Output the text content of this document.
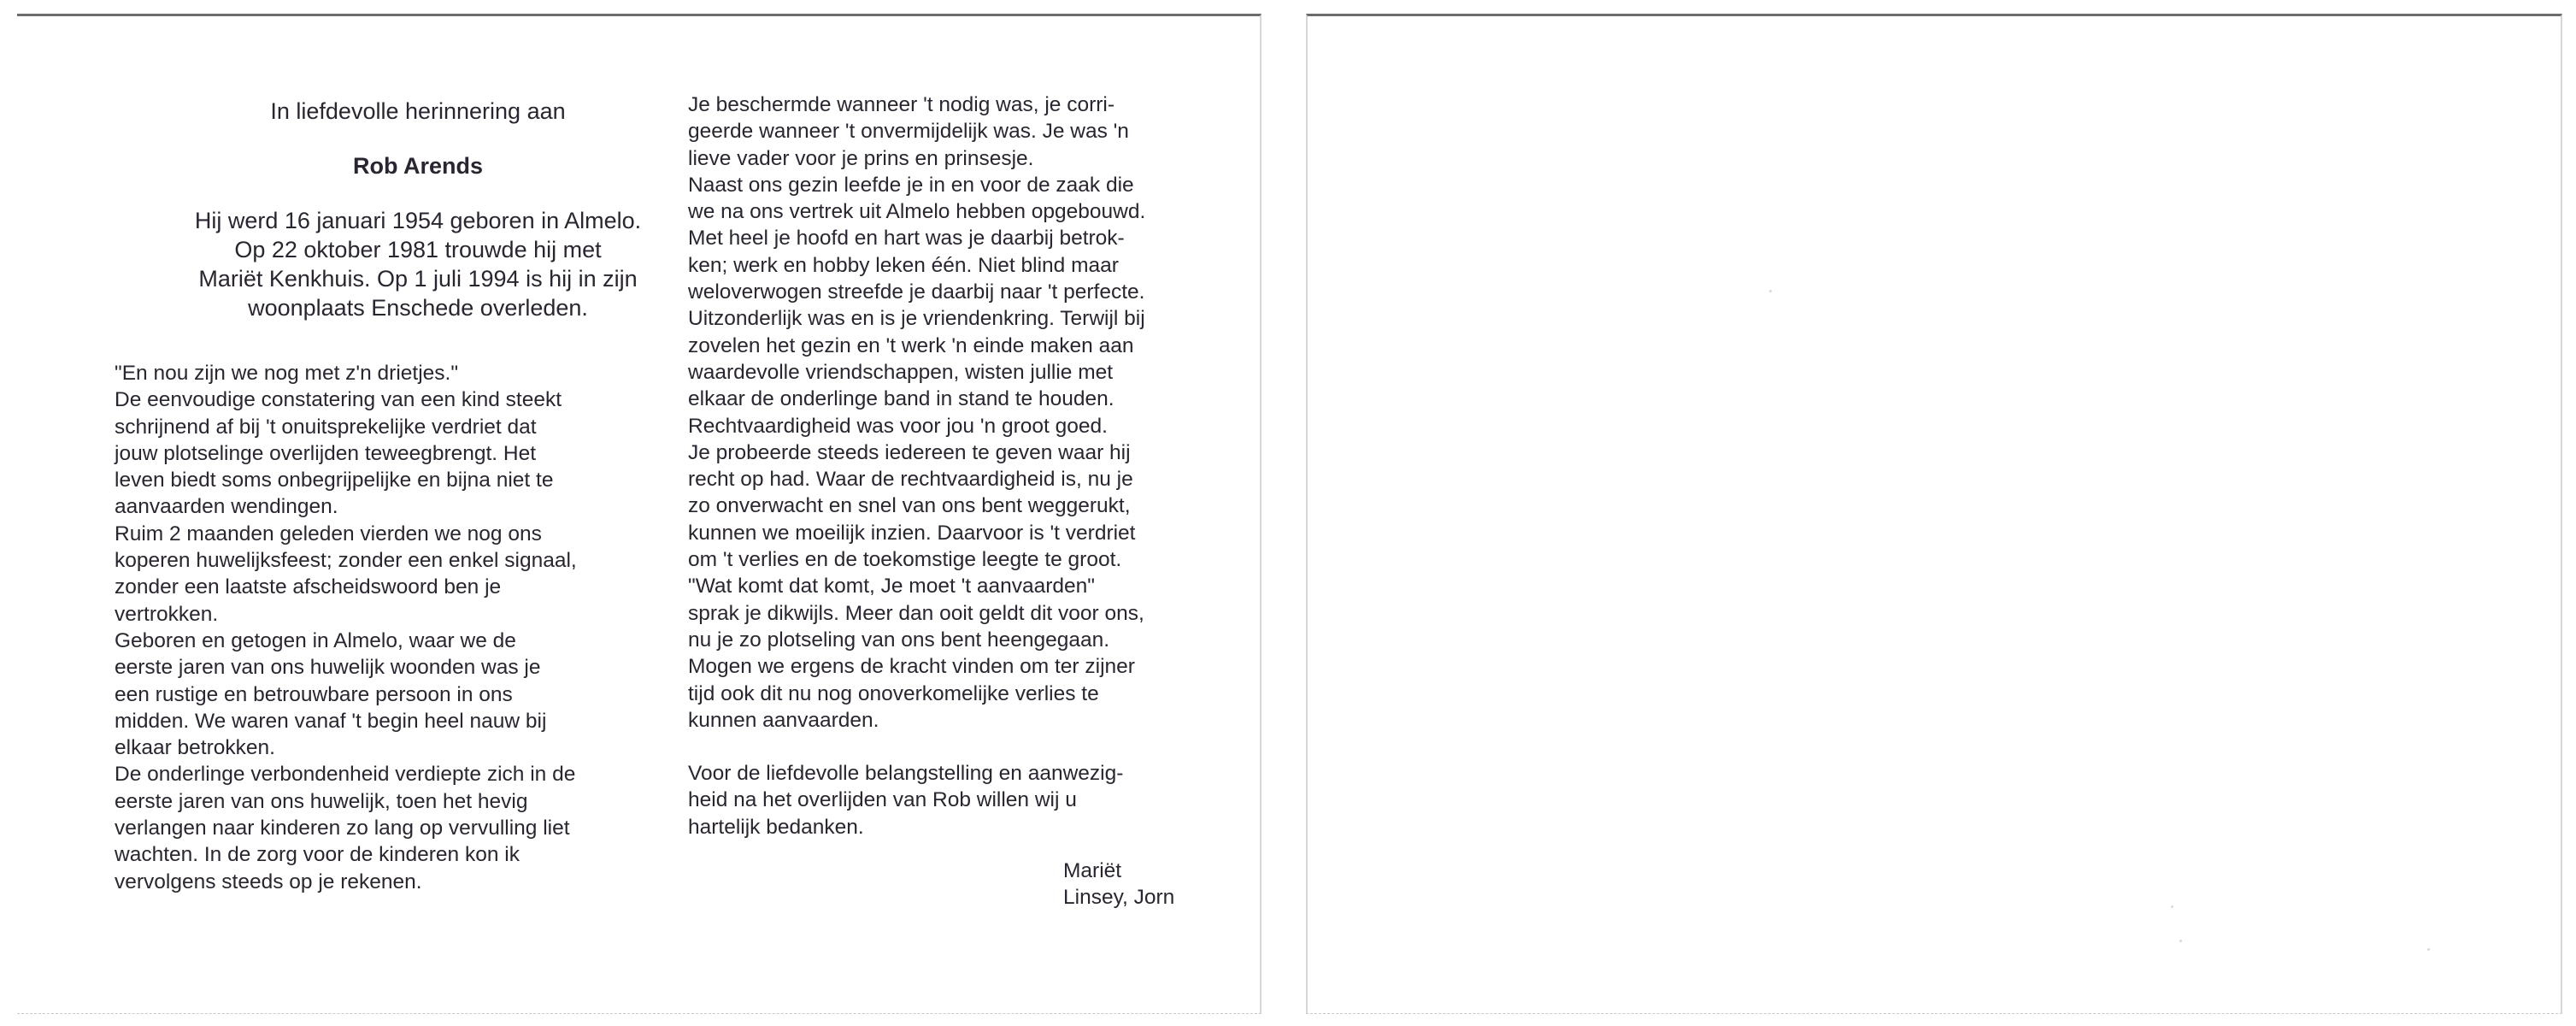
In liefdevolle herinnering aan

Rob Arends

Hij werd 16 januari 1954 geboren in Almelo.
Op 22 oktober 1981 trouwde hij met
Mariët Kenkhuis. Op 1 juli 1994 is hij in zijn
woonplaats Enschede overleden.

"En nou zijn we nog met z'n drietjes."
De eenvoudige constatering van een kind steekt
schrijnend af bij 't onuitsprekelijke verdriet dat
jouw plotselinge overlijden teweegbrengt. Het
leven biedt soms onbegrijpelijke en bijna niet te
aanvaarden wendingen.
Ruim 2 maanden geleden vierden we nog ons
koperen huwelijksfeest; zonder een enkel signaal,
zonder een laatste afscheidswoord ben je
vertrokken.
Geboren en getogen in Almelo, waar we de
eerste jaren van ons huwelijk woonden was je
een rustige en betrouwbare persoon in ons
midden. We waren vanaf 't begin heel nauw bij
elkaar betrokken.
De onderlinge verbondenheid verdiepte zich in de
eerste jaren van ons huwelijk, toen het hevig
verlangen naar kinderen zo lang op vervulling liet
wachten. In de zorg voor de kinderen kon ik
vervolgens steeds op je rekenen.

Je beschermde wanneer 't nodig was, je corri-
geerde wanneer 't onvermijdelijk was. Je was 'n
lieve vader voor je prins en prinsesje.
Naast ons gezin leefde je in en voor de zaak die
we na ons vertrek uit Almelo hebben opgebouwd.
Met heel je hoofd en hart was je daarbij betrok-
ken; werk en hobby leken één. Niet blind maar
weloverwogen streefde je daarbij naar 't perfecte.
Uitzonderlijk was en is je vriendenkring. Terwijl bij
zovelen het gezin en 't werk 'n einde maken aan
waardevolle vriendschappen, wisten jullie met
elkaar de onderlinge band in stand te houden.
Rechtvaardigheid was voor jou 'n groot goed.
Je probeerde steeds iedereen te geven waar hij
recht op had. Waar de rechtvaardigheid is, nu je
zo onverwacht en snel van ons bent weggerukt,
kunnen we moeilijk inzien. Daarvoor is 't verdriet
om 't verlies en de toekomstige leegte te groot.
"Wat komt dat komt, Je moet 't aanvaarden"
sprak je dikwijls. Meer dan ooit geldt dit voor ons,
nu je zo plotseling van ons bent heengegaan.
Mogen we ergens de kracht vinden om ter zijner
tijd ook dit nu nog onoverkomelijke verlies te
kunnen aanvaarden.

Voor de liefdevolle belangstelling en aanwezig-
heid na het overlijden van Rob willen wij u
hartelijk bedanken.

Mariët
Linsey, Jorn
